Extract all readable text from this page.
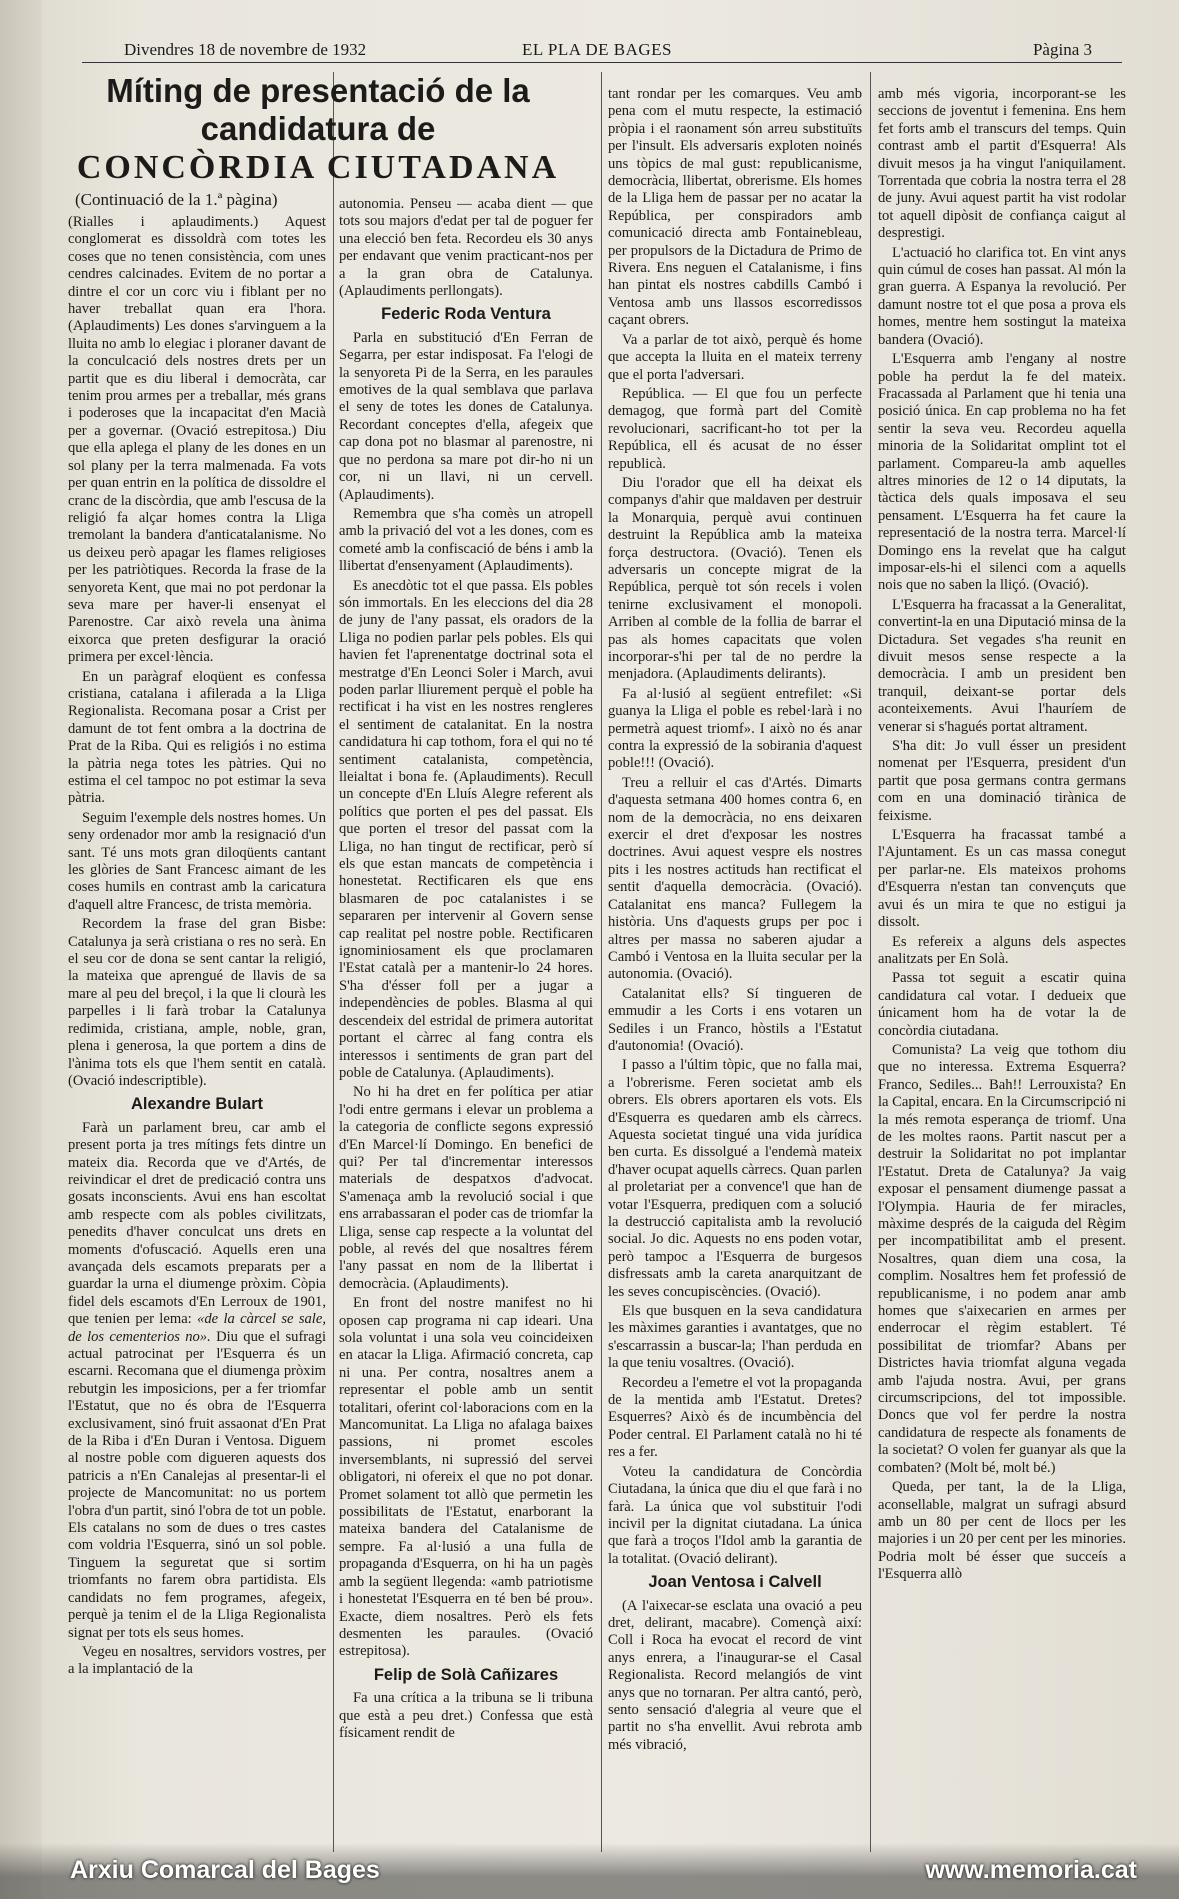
Divendres 18 de novembre de 1932	EL PLA DE BAGES	Pàgina 3
Míting de presentació de la
candidatura de
CONCÒRDIA CIUTADANA
(Continuació de la 1.ª pàgina)

(Rialles i aplaudiments.) Aquest conglomerat es dissoldrà com totes les coses que no tenen consistència, com unes cendres calcinades. Evitem de no portar a dintre el cor un corc viu i fiblant per no haver treballat quan era l'hora. (Aplaudiments) Les dones s'arvinguem a la lluita no amb lo elegiac i ploraner davant de la conculcació dels nostres drets per un partit que es diu liberal i democràta, car tenim prou armes per a treballar, més grans i poderoses que la incapacitat d'en Macià per a governar. (Ovació estrepitosa.) Diu que ella aplega el plany de les dones en un sol plany per la terra malmenada. Fa vots per quan entrin en la política de dissoldre el cranc de la discòrdia, que amb l'escusa de la religió fa alçar homes contra la Lliga tremolant la bandera d'anticatalanisme. No us deixeu però apagar les flames religioses per les patriòtiques. Recorda la frase de la senyoreta Kent, que mai no pot perdonar la seva mare per haver-li ensenyat el Parenostre. Car això revela una ànima eixorca que preten desfigurar la oració primera per excel·lència.

En un paràgraf eloqüent es confessa cristiana, catalana i afilerada a la Lliga Regionalista. Recomana posar a Crist per damunt de tot fent ombra a la doctrina de Prat de la Riba. Qui es religiós i no estima la pàtria nega totes les pàtries. Qui no estima el cel tampoc no pot estimar la seva pàtria.

Seguim l'exemple dels nostres homes. Un seny ordenador mor amb la resignació d'un sant. Té uns mots gran diloqüents cantant les glòries de Sant Francesc aimant de les coses humils en contrast amb la caricatura d'aquell altre Francesc, de trista memòria.

Recordem la frase del gran Bisbe: Catalunya ja serà cristiana o res no serà. En el seu cor de dona se sent cantar la religió, la mateixa que aprengué de llavis de sa mare al peu del breçol, i la que li clourà les parpelles i li farà trobar la Catalunya redimida, cristiana, ample, noble, gran, plena i generosa, la que portem a dins de l'ànima tots els que l'hem sentit en català. (Ovació indescriptible).

Alexandre Bulart

Farà un parlament breu, car amb el present porta ja tres mítings fets dintre un mateix dia. Recorda que ve d'Artés, de reivindicar el dret de predicació contra uns gosats inconscients. Avui ens han escoltat amb respecte com als pobles civilitzats, penedits d'haver conculcat uns drets en moments d'ofuscació. Aquells eren una avançada dels escamots preparats per a guardar la urna el diumenge pròxim. Còpia fidel dels escamots d'En Lerroux de 1901, que tenien per lema: «de la càrcel se sale, de los cementerios no». Diu que el sufragi actual patrocinat per l'Esquerra és un escarni. Recomana que el diumenga pròxim rebutgin les imposicions, per a fer triomfar l'Estatut, que no és obra de l'Esquerra exclusivament, sinó fruit assaonat d'En Prat de la Riba i d'En Duran i Ventosa. Diguem al nostre poble com digueren aquests dos patricis a n'En Canalejas al presentar-li el projecte de Mancomunitat: no us portem l'obra d'un partit, sinó l'obra de tot un poble. Els catalans no som de dues o tres castes com voldria l'Esquerra, sinó un sol poble. Tinguem la seguretat que si sortim triomfants no farem obra partidista. Els candidats no fem programes, afegeix, perquè ja tenim el de la Lliga Regionalista signat per tots els seus homes.

Vegeu en nosaltres, servidors vostres, per a la implantació de la

autonomia. Penseu — acaba dient — que tots sou majors d'edat per tal de poguer fer una elecció ben feta. Recordeu els 30 anys per endavant que venim practicant-nos per a la gran obra de Catalunya. (Aplaudiments perllongats).

Federic Roda Ventura

Parla en substitució d'En Ferran de Segarra, per estar indisposat. Fa l'elogi de la senyoreta Pi de la Serra, en les paraules emotives de la qual semblava que parlava el seny de totes les dones de Catalunya. Recordant conceptes d'ella, afegeix que cap dona pot no blasmar al parenostre, ni que no perdona sa mare pot dir-ho ni un cor, ni un llavi, ni un cervell. (Aplaudiments).

Remembra que s'ha comès un atropell amb la privació del vot a les dones, com es cometé amb la confiscació de béns i amb la llibertat d'ensenyament (Aplaudiments).

Es anecdòtic tot el que passa. Els pobles són immortals. En les eleccions del dia 28 de juny de l'any passat, els oradors de la Lliga no podien parlar pels pobles. Els qui havien fet l'aprenentatge doctrinal sota el mestratge d'En Leonci Soler i March, avui poden parlar lliurement perquè el poble ha rectificat i ha vist en les nostres rengleres el sentiment de catalanitat. En la nostra candidatura hi cap tothom, fora el qui no té sentiment catalanista, competència, lleialtat i bona fe. (Aplaudiments). Recull un concepte d'En Lluís Alegre referent als polítics que porten el pes del passat. Els que porten el tresor del passat com la Lliga, no han tingut de rectificar, però sí els que estan mancats de competència i honestetat. Rectificaren els que ens blasmaren de poc catalanistes i se separaren per intervenir al Govern sense cap realitat pel nostre poble. Rectificaren ignominiosament els que proclamaren l'Estat català per a mantenir-lo 24 hores. S'ha d'ésser foll per a jugar a independències de pobles. Blasma al qui descendeix del estridal de primera autoritat portant el càrrec al fang contra els interessos i sentiments de gran part del poble de Catalunya. (Aplaudiments).

No hi ha dret en fer política per atiar l'odi entre germans i elevar un problema a la categoria de conflicte segons expressió d'En Marcel·lí Domingo. En benefici de qui? Per tal d'incrementar interessos materials de despatxos d'advocat. S'amenaça amb la revolució social i que ens arrabassaran el poder cas de triomfar la Lliga, sense cap respecte a la voluntat del poble, al revés del que nosaltres férem l'any passat en nom de la llibertat i democràcia. (Aplaudiments).

En front del nostre manifest no hi oposen cap programa ni cap ideari. Una sola voluntat i una sola veu coincideixen en atacar la Lliga. Afirmació concreta, cap ni una. Per contra, nosaltres anem a representar el poble amb un sentit totalitari, oferint col·laboracions com en la Mancomunitat. La Lliga no afalaga baixes passions, ni promet escoles inversemblants, ni supressió del servei obligatori, ni ofereix el que no pot donar. Promet solament tot allò que permetin les possibilitats de l'Estatut, enarborant la mateixa bandera del Catalanisme de sempre. Fa al·lusió a una fulla de propaganda d'Esquerra, on hi ha un pagès amb la següent llegenda: «amb patriotisme i honestetat l'Esquerra en té ben bé prou». Exacte, diem nosaltres. Però els fets desmenten les paraules. (Ovació estrepitosa).

Felip de Solà Cañizares

Fa una crítica a la tribuna se li tribuna que està a peu dret.) Confessa que està físicament rendit de

tant rondar per les comarques. Veu amb pena com el mutu respecte, la estimació pròpia i el raonament són arreu substituïts per l'insult. Els adversaris exploten noinés uns tòpics de mal gust: republicanisme, democràcia, llibertat, obrerisme. Els homes de la Lliga hem de passar per no acatar la República, per conspiradors amb comunicació directa amb Fontainebleau, per propulsors de la Dictadura de Primo de Rivera. Ens neguen el Catalanisme, i fins han pintat els nostres cabdills Cambó i Ventosa amb uns llassos escorredissos caçant obrers.

Va a parlar de tot això, perquè és home que accepta la lluita en el mateix terreny que el porta l'adversari.

República. — El que fou un perfecte demagog, que formà part del Comitè revolucionari, sacrificant-ho tot per la República, ell és acusat de no ésser republicà.

Diu l'orador que ell ha deixat els companys d'ahir que maldaven per destruir la Monarquia, perquè avui continuen destruint la República amb la mateixa força destructora. (Ovació). Tenen els adversaris un concepte migrat de la República, perquè tot són recels i volen tenirne exclusivament el monopoli. Arriben al comble de la follia de barrar el pas als homes capacitats que volen incorporar-s'hi per tal de no perdre la menjadora. (Aplaudiments delirants).

Fa al·lusió al següent entrefilet: «Si guanya la Lliga el poble es rebel·larà i no permetrà aquest triomf». I això no és anar contra la expressió de la sobirania d'aquest poble!!! (Ovació).

Treu a relluir el cas d'Artés. Dimarts d'aquesta setmana 400 homes contra 6, en nom de la democràcia, no ens deixaren exercir el dret d'exposar les nostres doctrines. Avui aquest vespre els nostres pits i les nostres actituds han rectificat el sentit d'aquella democràcia. (Ovació). Catalanitat ens manca? Fullegem la història. Uns d'aquests grups per poc i altres per massa no saberen ajudar a Cambó i Ventosa en la lluita secular per la autonomia. (Ovació).

Catalanitat ells? Sí tingueren de emmudir a les Corts i ens votaren un Sediles i un Franco, hòstils a l'Estatut d'autonomia! (Ovació).

I passo a l'últim tòpic, que no falla mai, a l'obrerisme. Feren societat amb els obrers. Els obrers aportaren els vots. Els d'Esquerra es quedaren amb els càrrecs. Aquesta societat tingué una vida jurídica ben curta. Es dissolgué a l'endemà mateix d'haver ocupat aquells càrrecs. Quan parlen al proletariat per a convence'l que han de votar l'Esquerra, prediquen com a solució la destrucció capitalista amb la revolució social. Jo dic. Aquests no ens poden votar, però tampoc a l'Esquerra de burgesos disfressats amb la careta anarquitzant de les seves concupiscències. (Ovació).

Els que busquen en la seva candidatura les màximes garanties i avantatges, que no s'escarrassin a buscar-la; l'han perduda en la que teniu vosaltres. (Ovació).

Recordeu a l'emetre el vot la propaganda de la mentida amb l'Estatut. Dretes? Esquerres? Això és de incumbència del Poder central. El Parlament català no hi té res a fer.

Voteu la candidatura de Concòrdia Ciutadana, la única que diu el que farà i no farà. La única que vol substituir l'odi incivil per la dignitat ciutadana. La única que farà a troços l'Idol amb la garantia de la totalitat. (Ovació delirant).

Joan Ventosa i Calvell

(A l'aixecar-se esclata una ovació a peu dret, delirant, macabre). Començà així: Coll i Roca ha evocat el record de vint anys enrera, a l'inaugurar-se el Casal Regionalista. Record melangiós de vint anys que no tornaran. Per altra cantó, però, sento sensació d'alegria al veure que el partit no s'ha envellit. Avui rebrota amb més vibració,

amb més vigoria, incorporant-se les seccions de joventut i femenina. Ens hem fet forts amb el transcurs del temps. Quin contrast amb el partit d'Esquerra! Als divuit mesos ja ha vingut l'aniquilament. Torrentada que cobria la nostra terra el 28 de juny. Avui aquest partit ha vist rodolar tot aquell dipòsit de confiança caigut al desprestigi.

L'actuació ho clarifica tot. En vint anys quin cúmul de coses han passat. Al món la gran guerra. A Espanya la revolució. Per damunt nostre tot el que posa a prova els homes, mentre hem sostingut la mateixa bandera (Ovació).

L'Esquerra amb l'engany al nostre poble ha perdut la fe del mateix. Fracassada al Parlament que hi tenia una posició única. En cap problema no ha fet sentir la seva veu. Recordeu aquella minoria de la Solidaritat omplint tot el parlament. Compareu-la amb aquelles altres minories de 12 o 14 diputats, la tàctica dels quals imposava el seu pensament. L'Esquerra ha fet caure la representació de la nostra terra. Marcel·lí Domingo ens la revelat que ha calgut imposar-els-hi el silenci com a aquells nois que no saben la lliçó. (Ovació).

L'Esquerra ha fracassat a la Generalitat, convertint-la en una Diputació minsa de la Dictadura. Set vegades s'ha reunit en divuit mesos sense respecte a la democràcia. I amb un president ben tranquil, deixant-se portar dels aconteixements. Avui l'hauríem de venerar si s'hagués portat altrament.

S'ha dit: Jo vull ésser un president nomenat per l'Esquerra, president d'un partit que posa germans contra germans com en una dominació tirànica de feixisme.

L'Esquerra ha fracassat també a l'Ajuntament. Es un cas massa conegut per parlar-ne. Els mateixos prohoms d'Esquerra n'estan tan convençuts que avui és un mira te que no estigui ja dissolt.

Es refereix a alguns dels aspectes analitzats per En Solà.

Passa tot seguit a escatir quina candidatura cal votar. I dedueix que únicament hom ha de votar la de concòrdia ciutadana.

Comunista? La veig que tothom diu que no interessa. Extrema Esquerra? Franco, Sediles... Bah!! Lerrouxista? En la Capital, encara. En la Circumscripció ni la més remota esperança de triomf. Una de les moltes raons. Partit nascut per a destruir la Solidaritat no pot implantar l'Estatut. Dreta de Catalunya? Ja vaig exposar el pensament diumenge passat a l'Olympia. Hauria de fer miracles, màxime després de la caiguda del Règim per incompatibilitat amb el present. Nosaltres, quan diem una cosa, la complim. Nosaltres hem fet professió de republicanisme, i no podem anar amb homes que s'aixecarien en armes per enderrocar el règim establert. Té possibilitat de triomfar? Abans per Districtes havia triomfat alguna vegada amb l'ajuda nostra. Avui, per grans circumscripcions, del tot impossible. Doncs que vol fer perdre la nostra candidatura de respecte als fonaments de la societat? O volen fer guanyar als que la combaten? (Molt bé, molt bé.)

Queda, per tant, la de la Lliga, aconsellable, malgrat un sufragi absurd amb un 80 per cent de llocs per les majories i un 20 per cent per les minories. Podria molt bé ésser que succeís a l'Esquerra allò

Arxiu Comarcal del Bages	www.memoria.cat
